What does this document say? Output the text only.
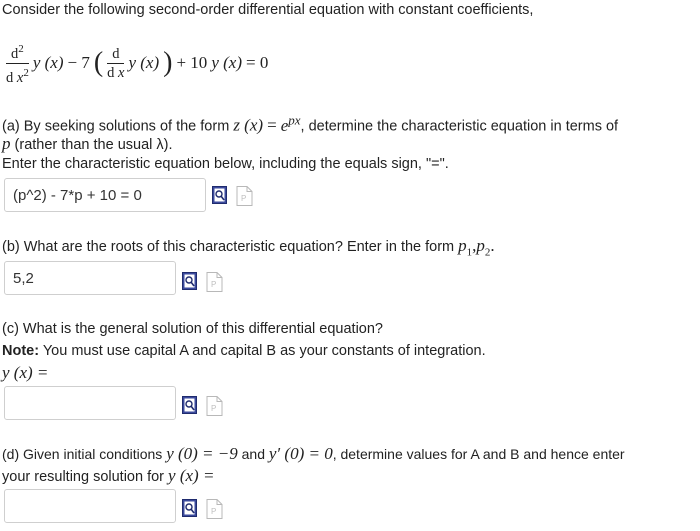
Consider the following second-order differential equation with constant coefficients,
$\frac{d^2}{d x^2}$ y (x) − 7 ( $\frac{d}{\text{d x}}$ y (x) ) + 10 y (x) = 0
(a) By seeking solutions of the form z $(x) = e^{px}$, determine the characteristic equation in terms of
p (rather than the usual λ).
Enter the characteristic equation below, including the equals sign, "=".
(p^2) - 7*p + 10 = 0
P
(b) What are the roots of this characteristic equation? Enter in the form $p_1,p_2$.
5,2
P
(c) What is the general solution of this differential equation?
Note: You must use capital A and capital B as your constants of integration.
y (x) =
P
(d) Given initial conditions y (0) = −9 and y′ (0) = 0, determine values for A and B and hence enter
your resulting solution for y (x) =
P
